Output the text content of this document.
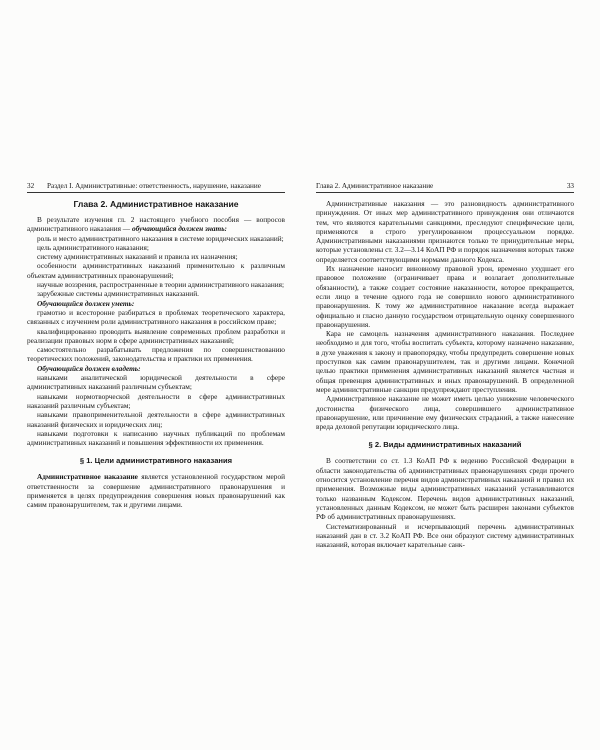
32 Раздел I. Административные: ответственность, нарушение, наказание
Глава 2. Административное наказание

В результате изучения гл. 2 настоящего учебного пособия — вопросов административного наказания — обучающийся должен знать:

роль и место административного наказания в системе юридических наказаний;

цель административного наказания;

систему административных наказаний и правила их назначения;

особенности административных наказаний применительно к различным объектам административных правонарушений;

научные воззрения, распространенные в теории административного наказания;

зарубежные системы административных наказаний.

Обучающийся должен уметь:

грамотно и всесторонне разбираться в проблемах теоретического характера, связанных с изучением роли административного наказания в российском праве;

квалифицированно проводить выявление современных проблем разработки и реализации правовых норм в сфере административных наказаний;

самостоятельно разрабатывать предложения по совершенствованию теоретических положений, законодательства и практики их применения.

Обучающийся должен владеть:

навыками аналитической юридической деятельности в сфере административных наказаний различным субъектам;

навыками нормотворческой деятельности в сфере административных наказаний различным субъектам;

навыками правоприменительной деятельности в сфере административных наказаний физических и юридических лиц;

навыками подготовки к написанию научных публикаций по проблемам административных наказаний и повышения эффективности их применения.

§ 1. Цели административного наказания

Административное наказание является установленной государством мерой ответственности за совершение административного правонарушения и применяется в целях предупреждения совершения новых правонарушений как самим правонарушителем, так и другими лицами.

Глава 2. Административное наказание	33

Административные наказания — это разновидность административного принуждения. От иных мер административного принуждения они отличаются тем, что являются карательными санкциями, преследуют специфические цели, применяются в строго урегулированном процессуальном порядке. Административными наказаниями признаются только те принудительные меры, которые установлены ст. 3.2—3.14 КоАП РФ и порядок назначения которых также определяется соответствующими нормами данного Кодекса.

Их назначение наносит виновному правовой урон, временно ухудшает его правовое положение (ограничивает права и возлагает дополнительные обязанности), а также создает состояние наказанности, которое прекращается, если лицо в течение одного года не совершило нового административного правонарушения. К тому же административное наказание всегда выражает официально и гласно данную государством отрицательную оценку совершенного правонарушения.

Кара не самоцель назначения административного наказания. Последнее необходимо и для того, чтобы воспитать субъекта, которому назначено наказание, в духе уважения к закону и правопорядку, чтобы предупредить совершение новых проступков как самим правонарушителем, так и другими лицами. Конечной целью практики применения административных наказаний является частная и общая превенция административных и иных правонарушений. В определенной мере административные санкции предупреждают преступления.

Административное наказание не может иметь целью унижение человеческого достоинства физического лица, совершившего административное правонарушение, или причинение ему физических страданий, а также нанесение вреда деловой репутации юридического лица.

§ 2. Виды административных наказаний

В соответствии со ст. 1.3 КоАП РФ к ведению Российской Федерации в области законодательства об административных правонарушениях среди прочего относится установление перечня видов административных наказаний и правил их применения. Возможные виды административных наказаний устанавливаются только названным Кодексом. Перечень видов административных наказаний, установленных данным Кодексом, не может быть расширен законами субъектов РФ об административных правонарушениях.

Систематизированный и исчерпывающий перечень административных наказаний дан в ст. 3.2 КоАП РФ. Все они образуют систему административных наказаний, которая включает карательные санк-
